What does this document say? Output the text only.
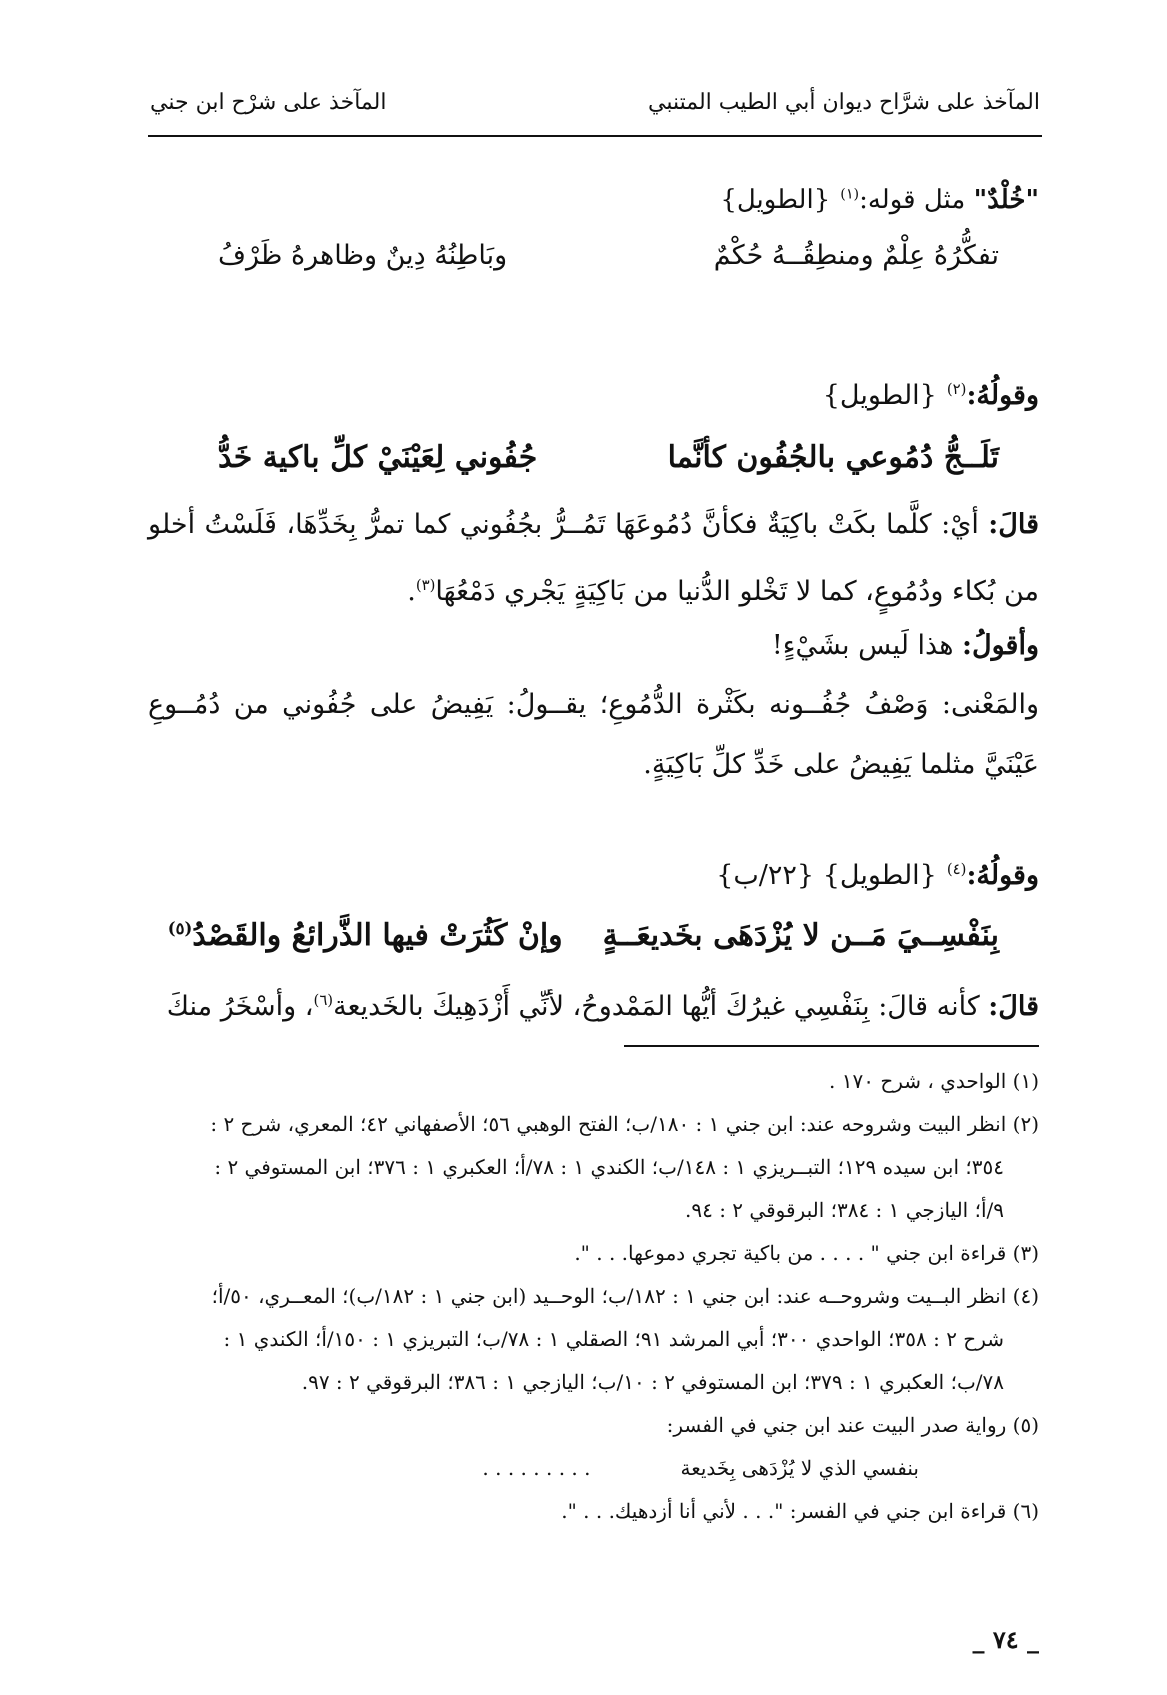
المآخذ على شرَّاح ديوان أبي الطيب المتنبي
المآخذ على شرْح ابن جني
"خُلْدٌ" مثل قوله:$^{(١)}${الطويل}
تفكُّرُهُ عِلْمٌ ومنطِقُــهُ حُكْمٌ
وبَاطِنُهُ دِينٌ وظاهرهُ ظَرْفُ
وقولُهُ:$^{(٢)}${الطويل}
تَلَــجُّ دُمُوعي بالجُفُون كأنَّما
جُفُوني لِعَيْنَيْ كلِّ باكية خَدُّ
قالَ: أيْ: كلَّما بكَتْ باكِيَةٌ فكأنَّ دُمُوعَهَا تَمُــرُّ بجُفُوني كما تمرُّ بِخَدِّهَا، فَلَسْتُ أخلو من بُكاء ودُمُوعٍ، كما لا تَخْلو الدُّنيا من بَاكِيَةٍ يَجْري دَمْعُهَا$^{(٣)}$.
وأقولُ: هذا لَيس بشَيْءٍ!
والمَعْنى: وَصْفُ جُفُــونه بكَثْرة الدُّمُوعِ؛ يقــولُ: يَفِيضُ على جُفُوني من دُمُــوعِ عَيْنَيَّ مثلما يَفِيضُ على خَدِّ كلِّ بَاكِيَةٍ.
وقولُهُ:$^{(٤)}${الطويل} {٢٢/ب}
بِنَفْسِــيَ مَــن لا يُزْدَهَى بخَديعَــةٍ
وإنْ كَثُرَتْ فيها الذَّرائعُ والقَصْدُ$^{(٥)}$
قالَ: كأنه قالَ: بِنَفْسِي غيرُكَ أيُّها المَمْدوحُ، لأنِّي أَزْدَهِيكَ بالخَديعة$^{(٦)}$، وأسْخَرُ منكَ

(١) الواحدي ، شرح ١٧٠ .

(٢) انظر البيت وشروحه عند: ابن جني ١ : ١٨٠/ب؛ الفتح الوهبي ٥٦؛ الأصفهاني ٤٢؛ المعري، شرح ٢ :

٣٥٤؛ ابن سيده ١٢٩؛ التبــريزي ١ : ١٤٨/ب؛ الكندي ١ : ٧٨/أ؛ العكبري ١ : ٣٧٦؛ ابن المستوفي ٢ :

٩/أ؛ اليازجي ١ : ٣٨٤؛ البرقوقي ٢ : ٩٤.

(٣) قراءة ابن جني " . . . . من باكية تجري دموعها. . . ".

(٤) انظر البــيت وشروحــه عند: ابن جني ١ : ١٨٢/ب؛ الوحــيد (ابن جني ١ : ١٨٢/ب)؛ المعــري، ٥٠/أ؛

شرح ٢ : ٣٥٨؛ الواحدي ٣٠٠؛ أبي المرشد ٩١؛ الصقلي ١ : ٧٨/ب؛ التبريزي ١ : ١٥٠/أ؛ الكندي ١ :

٧٨/ب؛ العكبري ١ : ٣٧٩؛ ابن المستوفي ٢ : ١٠/ب؛ اليازجي ١ : ٣٨٦؛ البرقوقي ٢ : ٩٧.

(٥) رواية صدر البيت عند ابن جني في الفسر:

بنفسي الذي لا يُزْدَهى بِخَديعة
. . . . . . . . .

(٦) قراءة ابن جني في الفسر: ". . . لأني أنا أزدهيك. . . ".

_ ٧٤ _
